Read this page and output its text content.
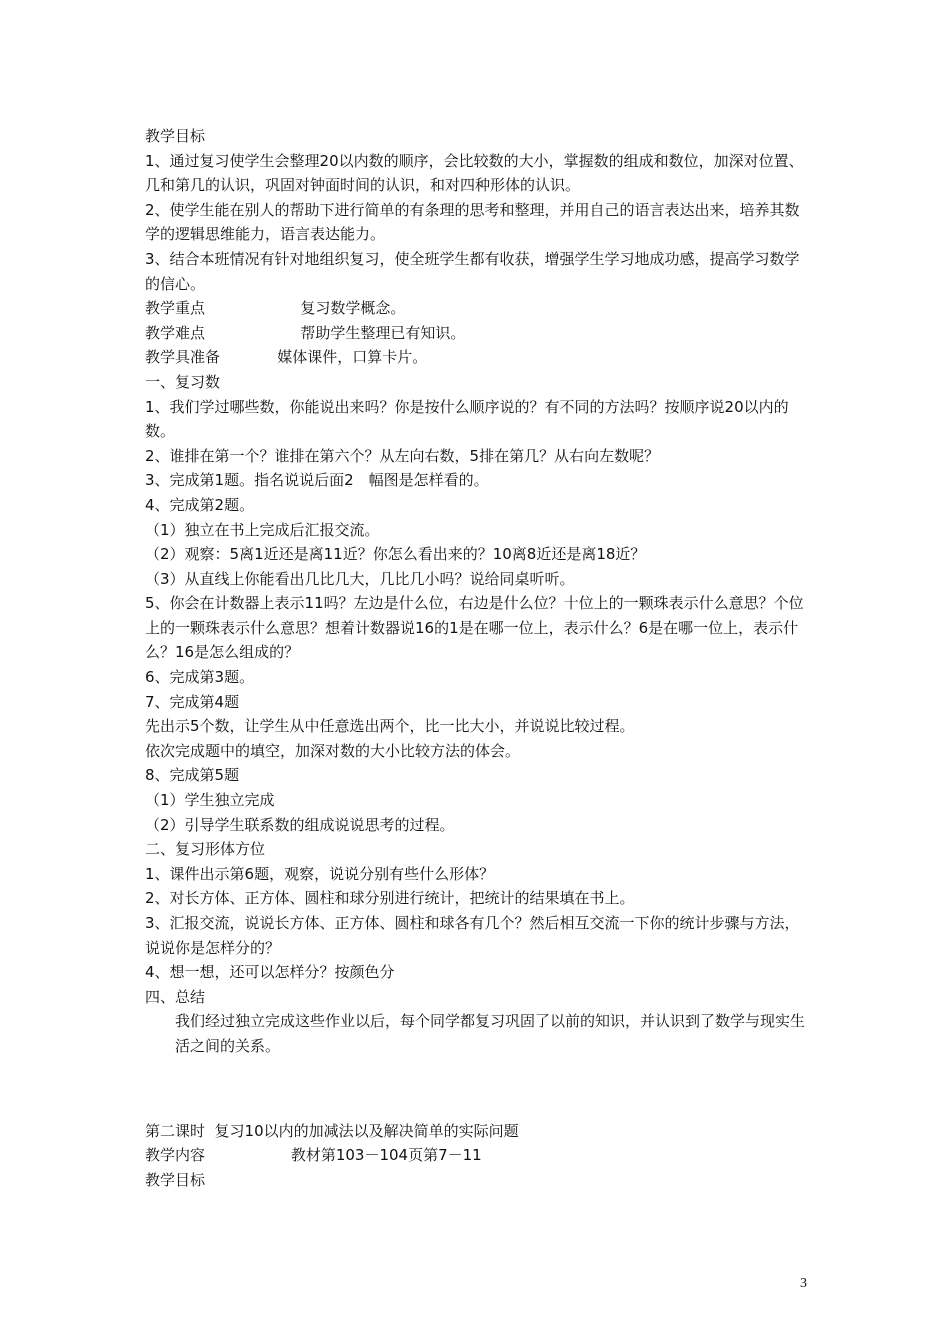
教学目标
1、通过复习使学生会整理20以内数的顺序，会比较数的大小，掌握数的组成和数位，加深对位置、几和第几的认识，巩固对钟面时间的认识，和对四种形体的认识。
2、使学生能在别人的帮助下进行简单的有条理的思考和整理，并用自己的语言表达出来，培养其数学的逻辑思维能力，语言表达能力。
3、结合本班情况有针对地组织复习，使全班学生都有收获，增强学生学习地成功感，提高学习数学的信心。
教学重点                    复习数学概念。
教学难点                    帮助学生整理已有知识。
教学具准备            媒体课件，口算卡片。
一、复习数
1、我们学过哪些数，你能说出来吗？你是按什么顺序说的？有不同的方法吗？按顺序说20以内的数。
2、谁排在第一个？谁排在第六个？从左向右数，5排在第几？从右向左数呢？
3、完成第1题。指名说说后面2　幅图是怎样看的。
4、完成第2题。
（1）独立在书上完成后汇报交流。
（2）观察：5离1近还是离11近？你怎么看出来的？10离8近还是离18近？
（3）从直线上你能看出几比几大，几比几小吗？说给同桌听听。
5、你会在计数器上表示11吗？左边是什么位，右边是什么位？十位上的一颗珠表示什么意思？个位上的一颗珠表示什么意思？想着计数器说16的1是在哪一位上，表示什么？6是在哪一位上，表示什么？16是怎么组成的？
6、完成第3题。
7、完成第4题
先出示5个数，让学生从中任意选出两个，比一比大小，并说说比较过程。
依次完成题中的填空，加深对数的大小比较方法的体会。
8、完成第5题
（1）学生独立完成
（2）引导学生联系数的组成说说思考的过程。
二、复习形体方位
1、课件出示第6题，观察，说说分别有些什么形体？
2、对长方体、正方体、圆柱和球分别进行统计，把统计的结果填在书上。
3、汇报交流，说说长方体、正方体、圆柱和球各有几个？然后相互交流一下你的统计步骤与方法，说说你是怎样分的？
4、想一想，还可以怎样分？按颜色分
四、总结
我们经过独立完成这些作业以后，每个同学都复习巩固了以前的知识，并认识到了数学与现实生活之间的关系。
第二课时  复习10以内的加减法以及解决简单的实际问题
教学内容                  教材第103－104页第7－11
教学目标
3
